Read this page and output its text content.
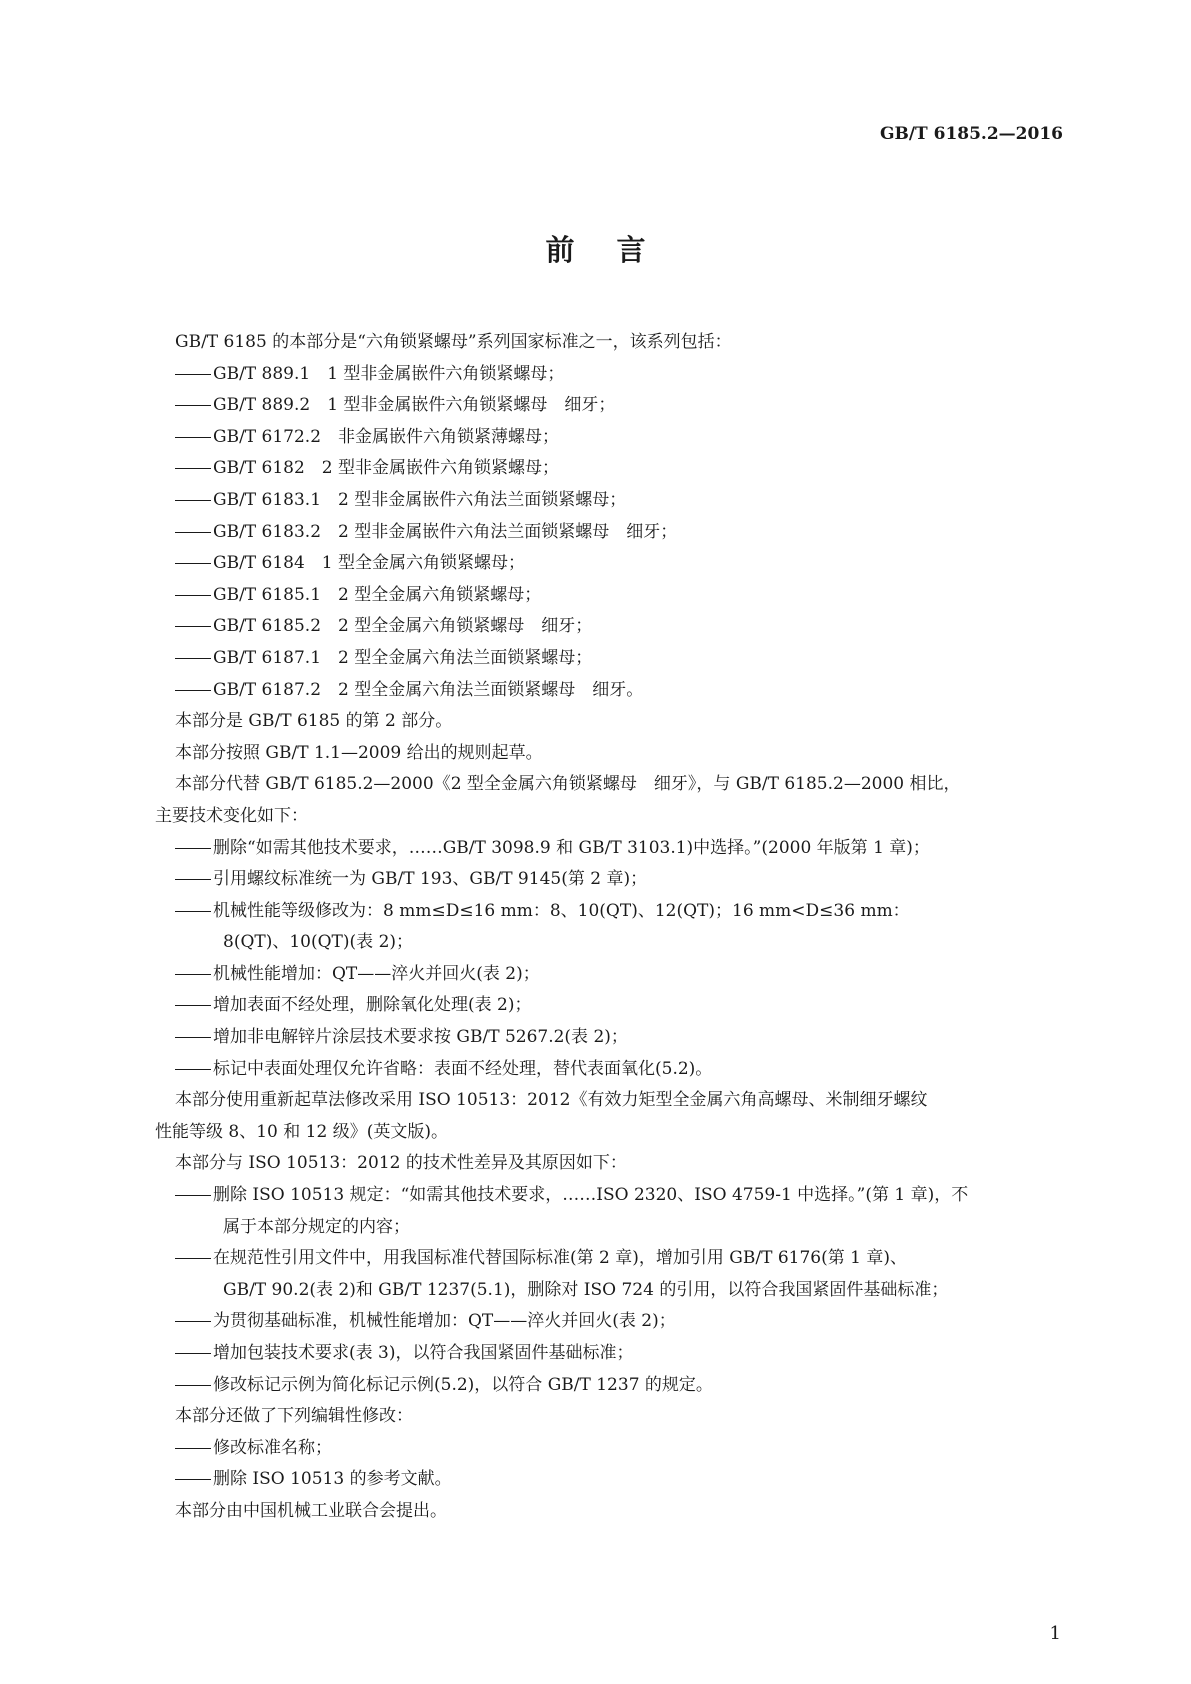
GB/T 6185.2—2016
前言
GB/T 6185 的本部分是“六角锁紧螺母”系列国家标准之一，该系列包括：
GB/T 889.1　1 型非金属嵌件六角锁紧螺母；
GB/T 889.2　1 型非金属嵌件六角锁紧螺母　细牙；
GB/T 6172.2　非金属嵌件六角锁紧薄螺母；
GB/T 6182　2 型非金属嵌件六角锁紧螺母；
GB/T 6183.1　2 型非金属嵌件六角法兰面锁紧螺母；
GB/T 6183.2　2 型非金属嵌件六角法兰面锁紧螺母　细牙；
GB/T 6184　1 型全金属六角锁紧螺母；
GB/T 6185.1　2 型全金属六角锁紧螺母；
GB/T 6185.2　2 型全金属六角锁紧螺母　细牙；
GB/T 6187.1　2 型全金属六角法兰面锁紧螺母；
GB/T 6187.2　2 型全金属六角法兰面锁紧螺母　细牙。
本部分是 GB/T 6185 的第 2 部分。
本部分按照 GB/T 1.1—2009 给出的规则起草。
本部分代替 GB/T 6185.2—2000《2 型全金属六角锁紧螺母　细牙》，与 GB/T 6185.2—2000 相比，
主要技术变化如下：
删除“如需其他技术要求，……GB/T 3098.9 和 GB/T 3103.1)中选择。”(2000 年版第 1 章)；
引用螺纹标准统一为 GB/T 193、GB/T 9145(第 2 章)；
机械性能等级修改为：8 mm≤D≤16 mm：8、10(QT)、12(QT)；16 mm<D≤36 mm：
8(QT)、10(QT)(表 2)；
机械性能增加：QT——淬火并回火(表 2)；
增加表面不经处理，删除氧化处理(表 2)；
增加非电解锌片涂层技术要求按 GB/T 5267.2(表 2)；
标记中表面处理仅允许省略：表面不经处理，替代表面氧化(5.2)。
本部分使用重新起草法修改采用 ISO 10513：2012《有效力矩型全金属六角高螺母、米制细牙螺纹
性能等级 8、10 和 12 级》(英文版)。
本部分与 ISO 10513：2012 的技术性差异及其原因如下：
删除 ISO 10513 规定：“如需其他技术要求，……ISO 2320、ISO 4759-1 中选择。”(第 1 章)，不
属于本部分规定的内容；
在规范性引用文件中，用我国标准代替国际标准(第 2 章)，增加引用 GB/T 6176(第 1 章)、
GB/T 90.2(表 2)和 GB/T 1237(5.1)，删除对 ISO 724 的引用，以符合我国紧固件基础标准；
为贯彻基础标准，机械性能增加：QT——淬火并回火(表 2)；
增加包装技术要求(表 3)，以符合我国紧固件基础标准；
修改标记示例为简化标记示例(5.2)，以符合 GB/T 1237 的规定。
本部分还做了下列编辑性修改：
修改标准名称；
删除 ISO 10513 的参考文献。
本部分由中国机械工业联合会提出。
1
